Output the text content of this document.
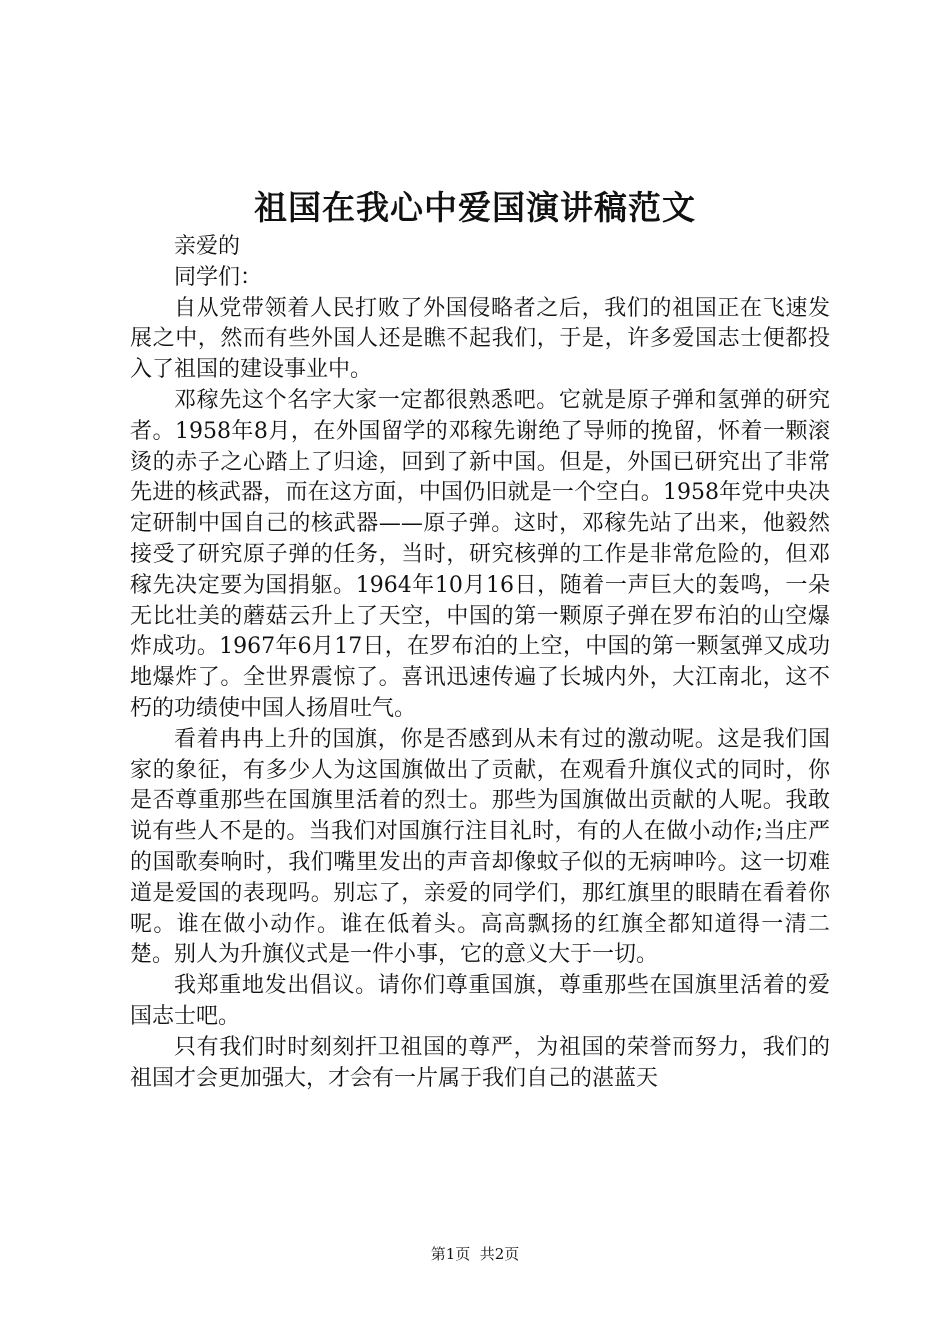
祖国在我心中爱国演讲稿范文

亲爱的

同学们：

自从党带领着人民打败了外国侵略者之后，我们的祖国正在飞速发展之中，然而有些外国人还是瞧不起我们，于是，许多爱国志士便都投入了祖国的建设事业中。

邓稼先这个名字大家一定都很熟悉吧。它就是原子弹和氢弹的研究者。1958年8月，在外国留学的邓稼先谢绝了导师的挽留，怀着一颗滚烫的赤子之心踏上了归途，回到了新中国。但是，外国已研究出了非常先进的核武器，而在这方面，中国仍旧就是一个空白。1958年党中央决定研制中国自己的核武器——原子弹。这时，邓稼先站了出来，他毅然接受了研究原子弹的任务，当时，研究核弹的工作是非常危险的，但邓稼先决定要为国捐躯。1964年10月16日，随着一声巨大的轰鸣，一朵无比壮美的蘑菇云升上了天空，中国的第一颗原子弹在罗布泊的山空爆炸成功。1967年6月17日，在罗布泊的上空，中国的第一颗氢弹又成功地爆炸了。全世界震惊了。喜讯迅速传遍了长城内外，大江南北，这不朽的功绩使中国人扬眉吐气。

看着冉冉上升的国旗，你是否感到从未有过的激动呢。这是我们国家的象征，有多少人为这国旗做出了贡献，在观看升旗仪式的同时，你是否尊重那些在国旗里活着的烈士。那些为国旗做出贡献的人呢。我敢说有些人不是的。当我们对国旗行注目礼时，有的人在做小动作;当庄严的国歌奏响时，我们嘴里发出的声音却像蚊子似的无病呻吟。这一切难道是爱国的表现吗。别忘了，亲爱的同学们，那红旗里的眼睛在看着你呢。谁在做小动作。谁在低着头。高高飘扬的红旗全都知道得一清二楚。别人为升旗仪式是一件小事，它的意义大于一切。

我郑重地发出倡议。请你们尊重国旗，尊重那些在国旗里活着的爱国志士吧。

只有我们时时刻刻扞卫祖国的尊严，为祖国的荣誉而努力，我们的祖国才会更加强大，才会有一片属于我们自己的湛蓝天

第1页  共2页
